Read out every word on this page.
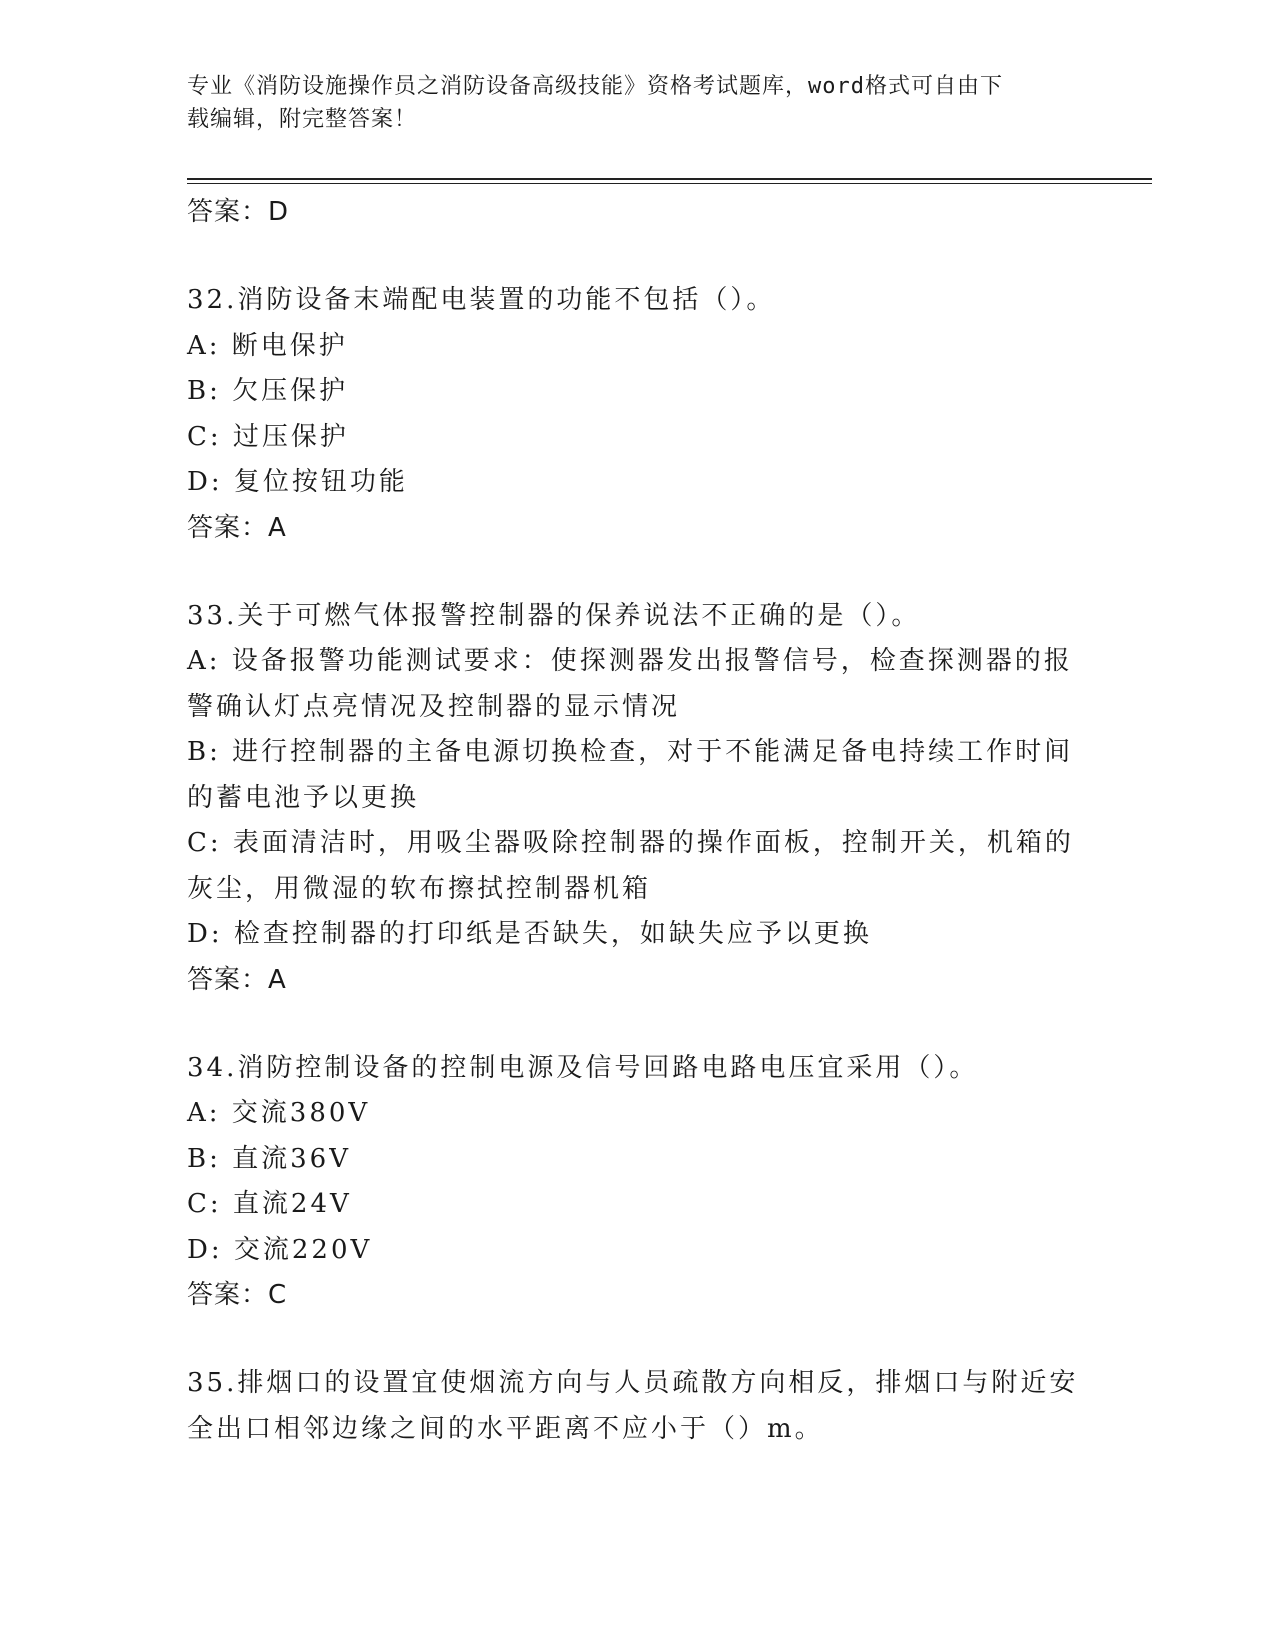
专业《消防设施操作员之消防设备高级技能》资格考试题库，word格式可自由下
载编辑，附完整答案！
答案：D
32.消防设备末端配电装置的功能不包括（）。
A: 断电保护
B: 欠压保护
C: 过压保护
D: 复位按钮功能
答案：A
33.关于可燃气体报警控制器的保养说法不正确的是（）。
A: 设备报警功能测试要求：使探测器发出报警信号，检查探测器的报
警确认灯点亮情况及控制器的显示情况
B: 进行控制器的主备电源切换检查，对于不能满足备电持续工作时间
的蓄电池予以更换
C: 表面清洁时，用吸尘器吸除控制器的操作面板，控制开关，机箱的
灰尘，用微湿的软布擦拭控制器机箱
D: 检查控制器的打印纸是否缺失，如缺失应予以更换
答案：A
34.消防控制设备的控制电源及信号回路电路电压宜采用（）。
A: 交流380V
B: 直流36V
C: 直流24V
D: 交流220V
答案：C
35.排烟口的设置宜使烟流方向与人员疏散方向相反，排烟口与附近安
全出口相邻边缘之间的水平距离不应小于（）m。
